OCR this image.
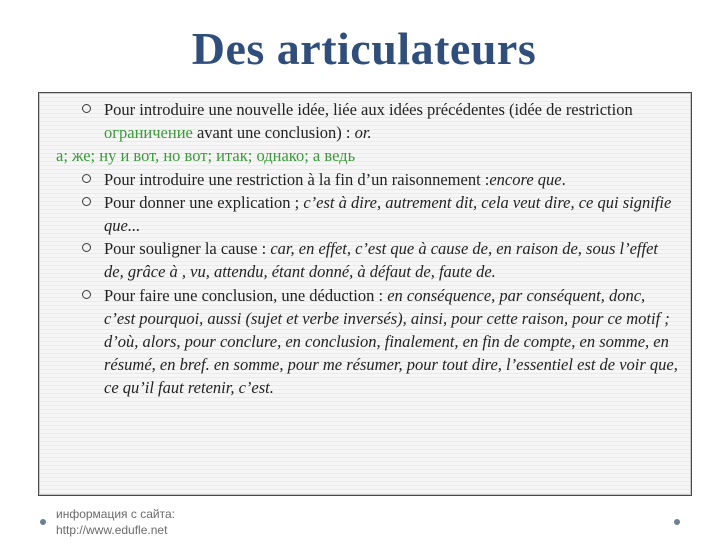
Des articulateurs
Pour introduire une nouvelle idée, liée aux idées précédentes (idée de restriction ограничение avant une conclusion) : or.
а; же; ну и вот, но вот; итак; однако; а ведь
Pour introduire une restriction à la fin d’un raisonnement :encore que.
Pour donner une explication ; c’est à dire, autrement dit, cela veut dire, ce qui signifie que...
Pour souligner la cause : car, en effet, c’est que à cause de, en raison de, sous l’effet de, grâce à , vu, attendu, étant donné, à défaut de, faute de.
Pour faire une conclusion, une déduction : en conséquence, par conséquent, donc, c’est pourquoi, aussi (sujet et verbe inversés), ainsi, pour cette raison, pour ce motif ; d’où, alors, pour conclure, en conclusion, finalement, en fin de compte, en somme, en résumé, en bref. en somme, pour me résumer, pour tout dire, l’essentiel est de voir que, ce qu’il faut retenir, c’est.
информация с сайта:
http://www.edufle.net
